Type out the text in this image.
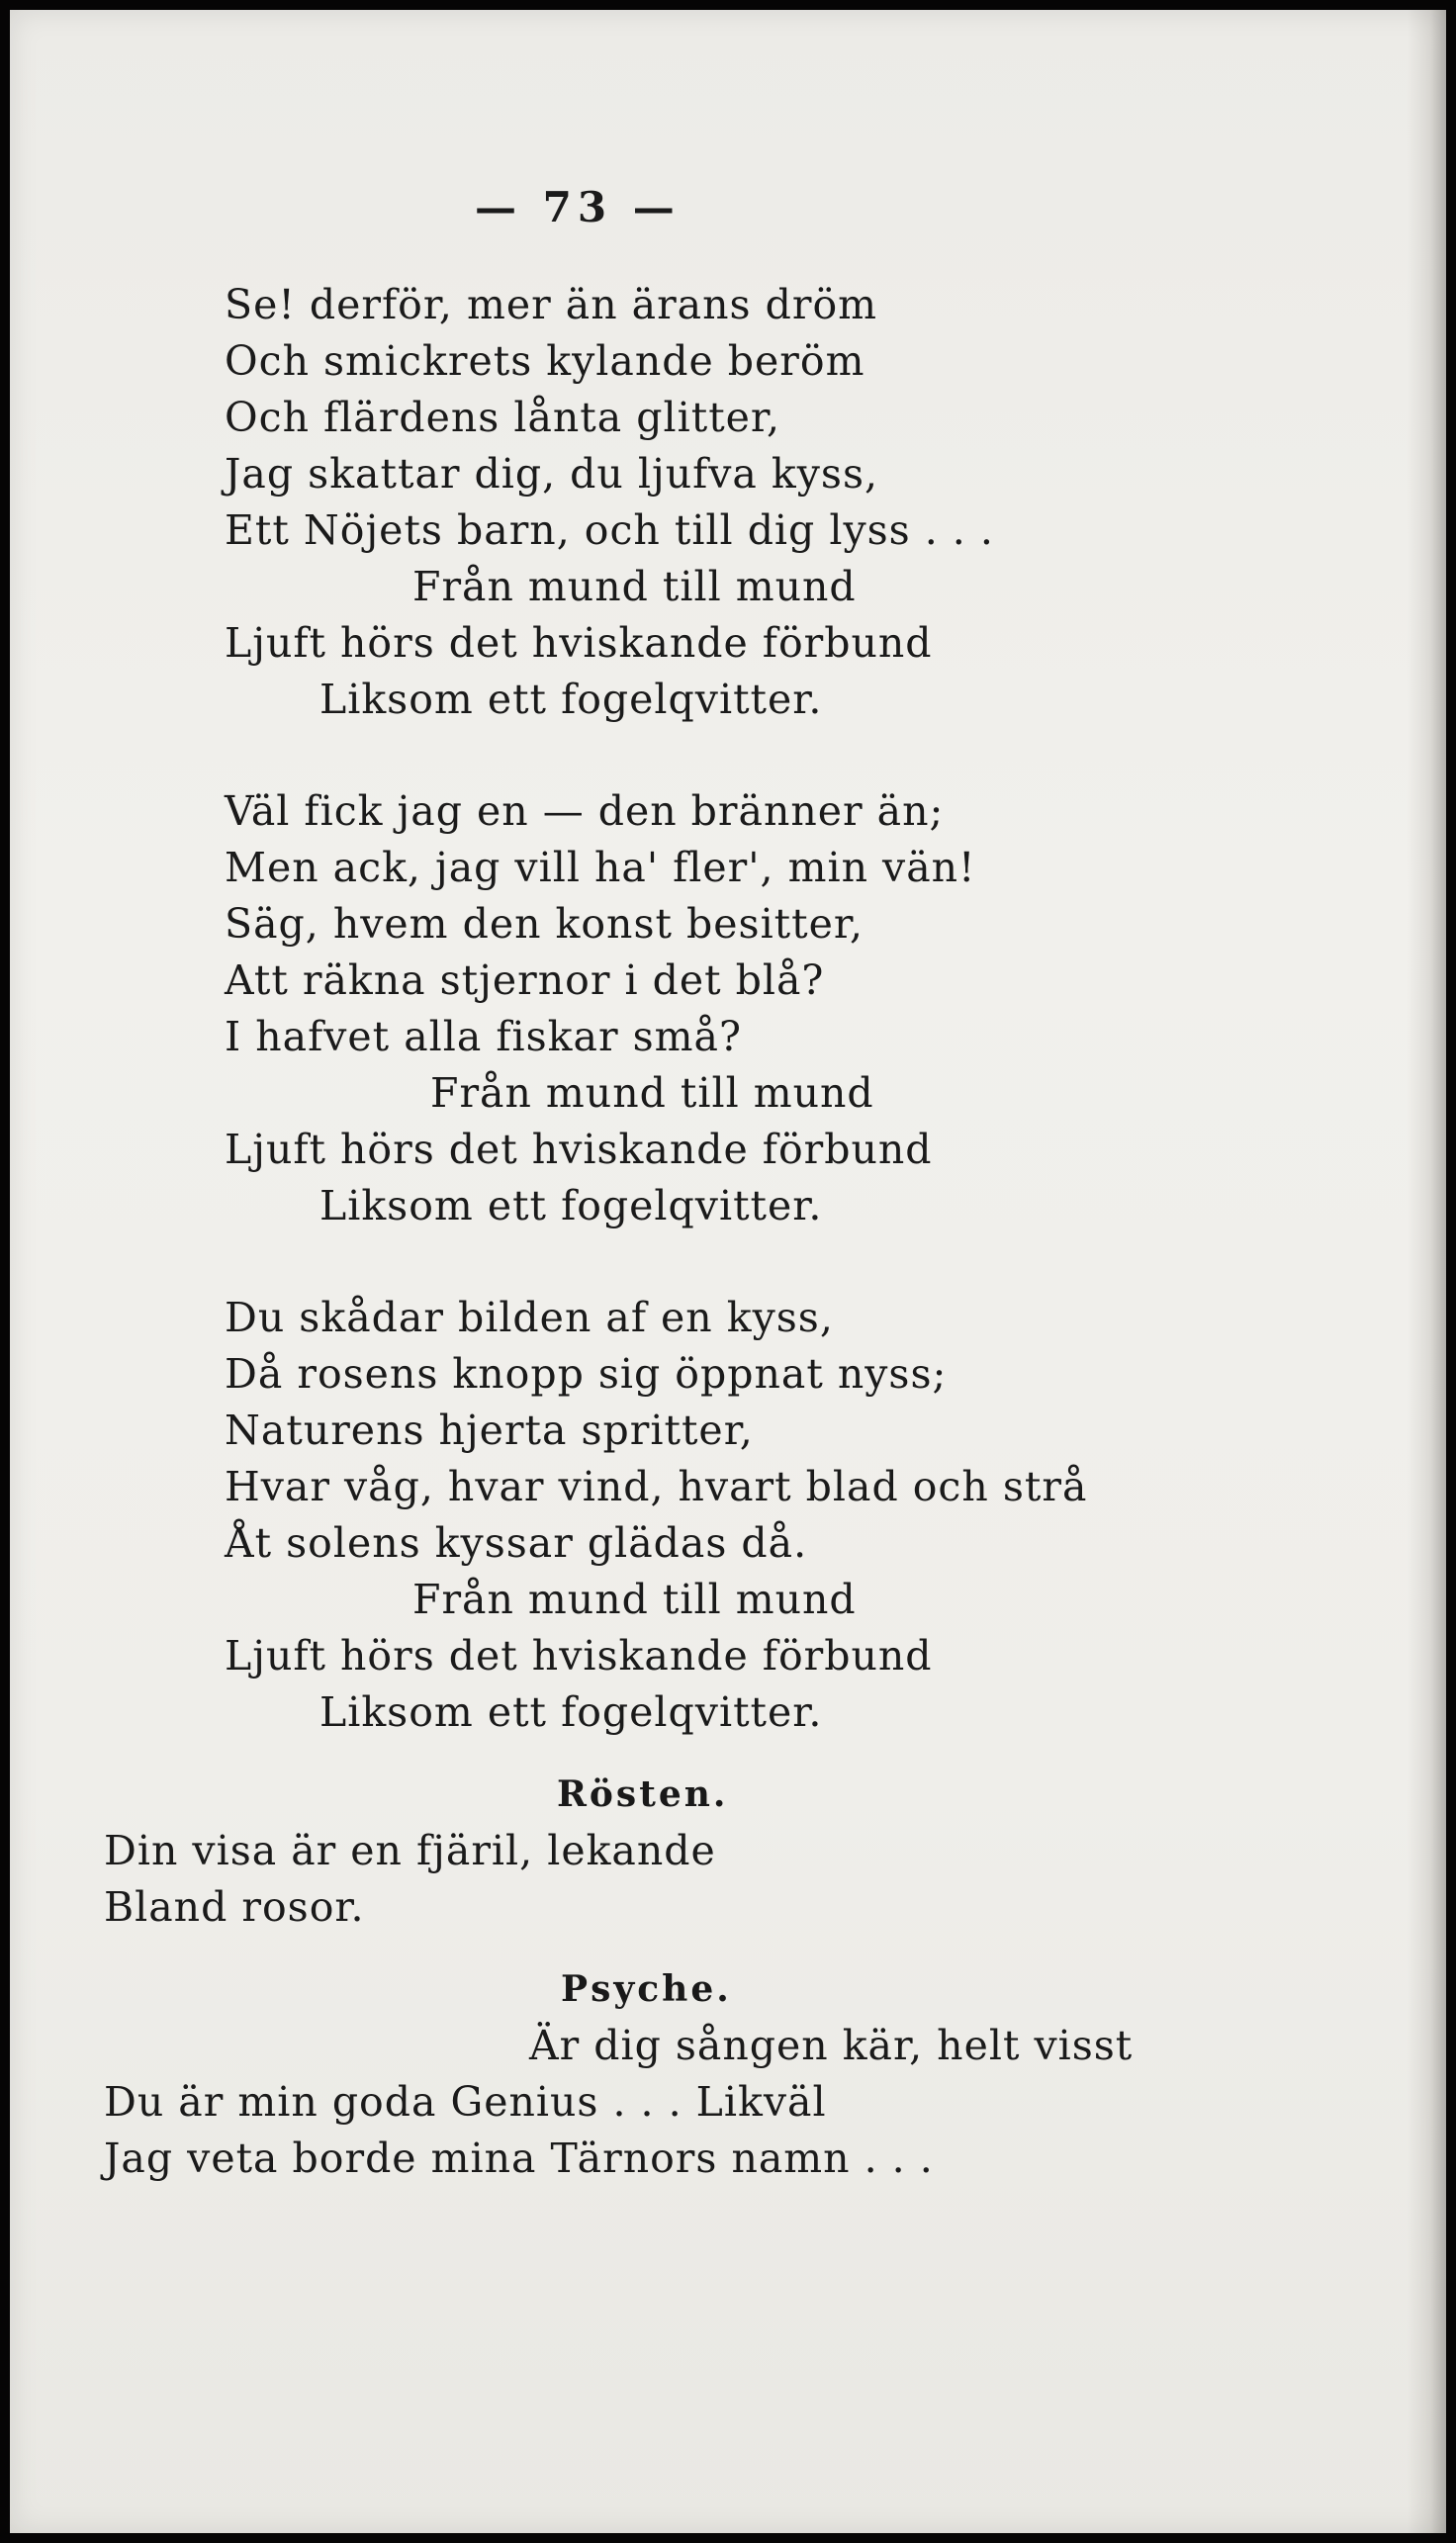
— 73 —
Se! derför, mer än ärans dröm
Och smickrets kylande beröm
Och flärdens lånta glitter,
Jag skattar dig, du ljufva kyss,
Ett Nöjets barn, och till dig lyss . . .
Från mund till mund
Ljuft hörs det hviskande förbund
Liksom ett fogelqvitter.
Väl fick jag en — den bränner än;
Men ack, jag vill ha' fler', min vän!
Säg, hvem den konst besitter,
Att räkna stjernor i det blå?
I hafvet alla fiskar små?
Från mund till mund
Ljuft hörs det hviskande förbund
Liksom ett fogelqvitter.
Du skådar bilden af en kyss,
Då rosens knopp sig öppnat nyss;
Naturens hjerta spritter,
Hvar våg, hvar vind, hvart blad och strå
Åt solens kyssar glädas då.
Från mund till mund
Ljuft hörs det hviskande förbund
Liksom ett fogelqvitter.
Rösten.
Din visa är en fjäril, lekande
Bland rosor.
Psyche.
Är dig sången kär, helt visst
Du är min goda Genius . . . Likväl
Jag veta borde mina Tärnors namn . . .
